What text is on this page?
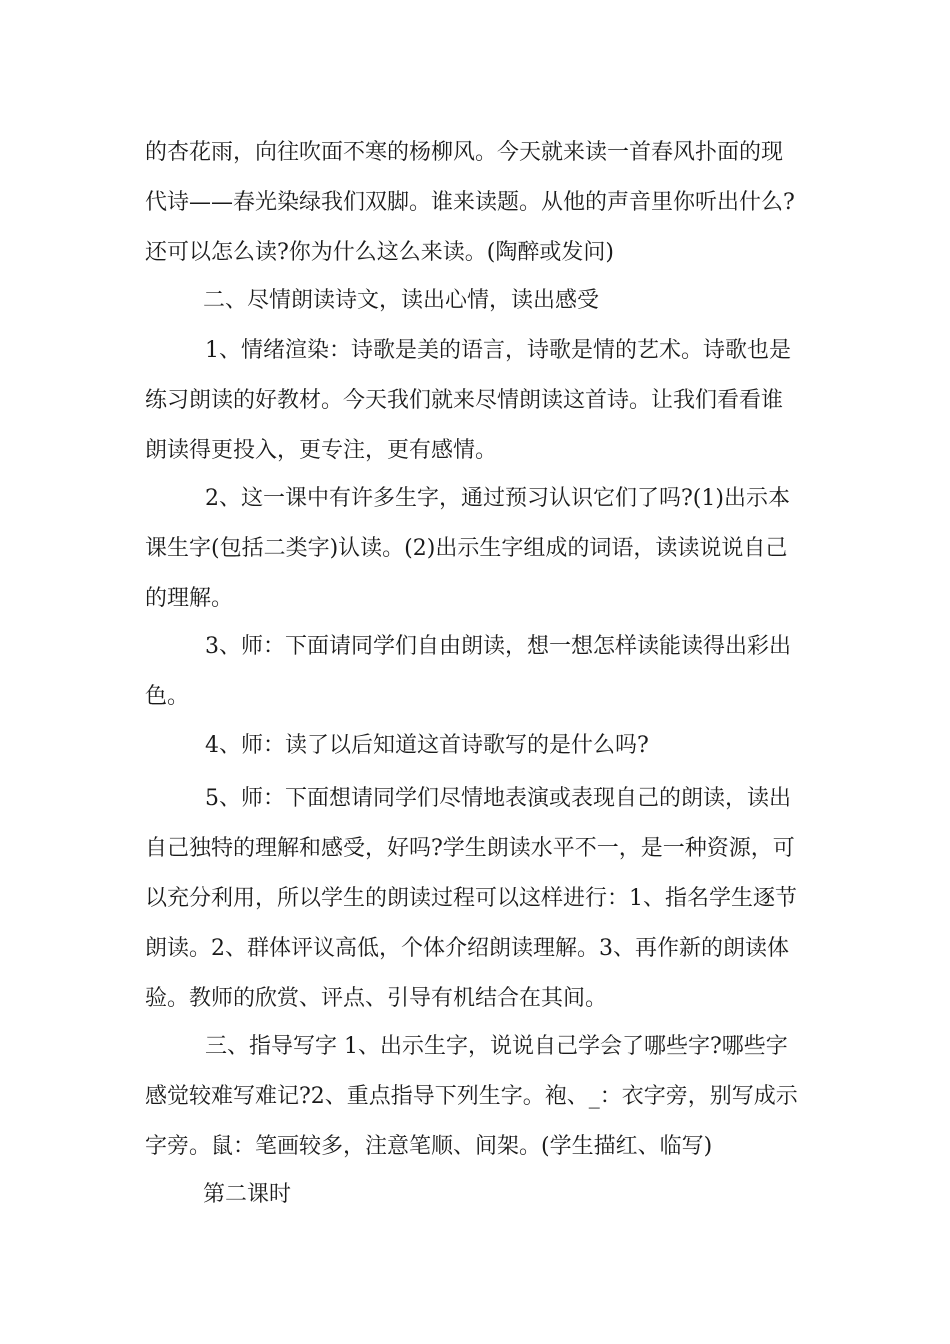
的杏花雨，向往吹面不寒的杨柳风。今天就来读一首春风扑面的现
代诗——春光染绿我们双脚。谁来读题。从他的声音里你听出什么?
还可以怎么读?你为什么这么来读。(陶醉或发问)
二、尽情朗读诗文，读出心情，读出感受
1、情绪渲染：诗歌是美的语言，诗歌是情的艺术。诗歌也是
练习朗读的好教材。今天我们就来尽情朗读这首诗。让我们看看谁
朗读得更投入，更专注，更有感情。
2、这一课中有许多生字，通过预习认识它们了吗?(1)出示本
课生字(包括二类字)认读。(2)出示生字组成的词语，读读说说自己
的理解。
3、师：下面请同学们自由朗读，想一想怎样读能读得出彩出
色。
4、师：读了以后知道这首诗歌写的是什么吗?
5、师：下面想请同学们尽情地表演或表现自己的朗读，读出
自己独特的理解和感受，好吗?学生朗读水平不一，是一种资源，可
以充分利用，所以学生的朗读过程可以这样进行：1、指名学生逐节
朗读。2、群体评议高低，个体介绍朗读理解。3、再作新的朗读体
验。教师的欣赏、评点、引导有机结合在其间。
三、指导写字 1、出示生字，说说自己学会了哪些字?哪些字
感觉较难写难记?2、重点指导下列生字。袍、_：衣字旁，别写成示
字旁。鼠：笔画较多，注意笔顺、间架。(学生描红、临写)
第二课时
